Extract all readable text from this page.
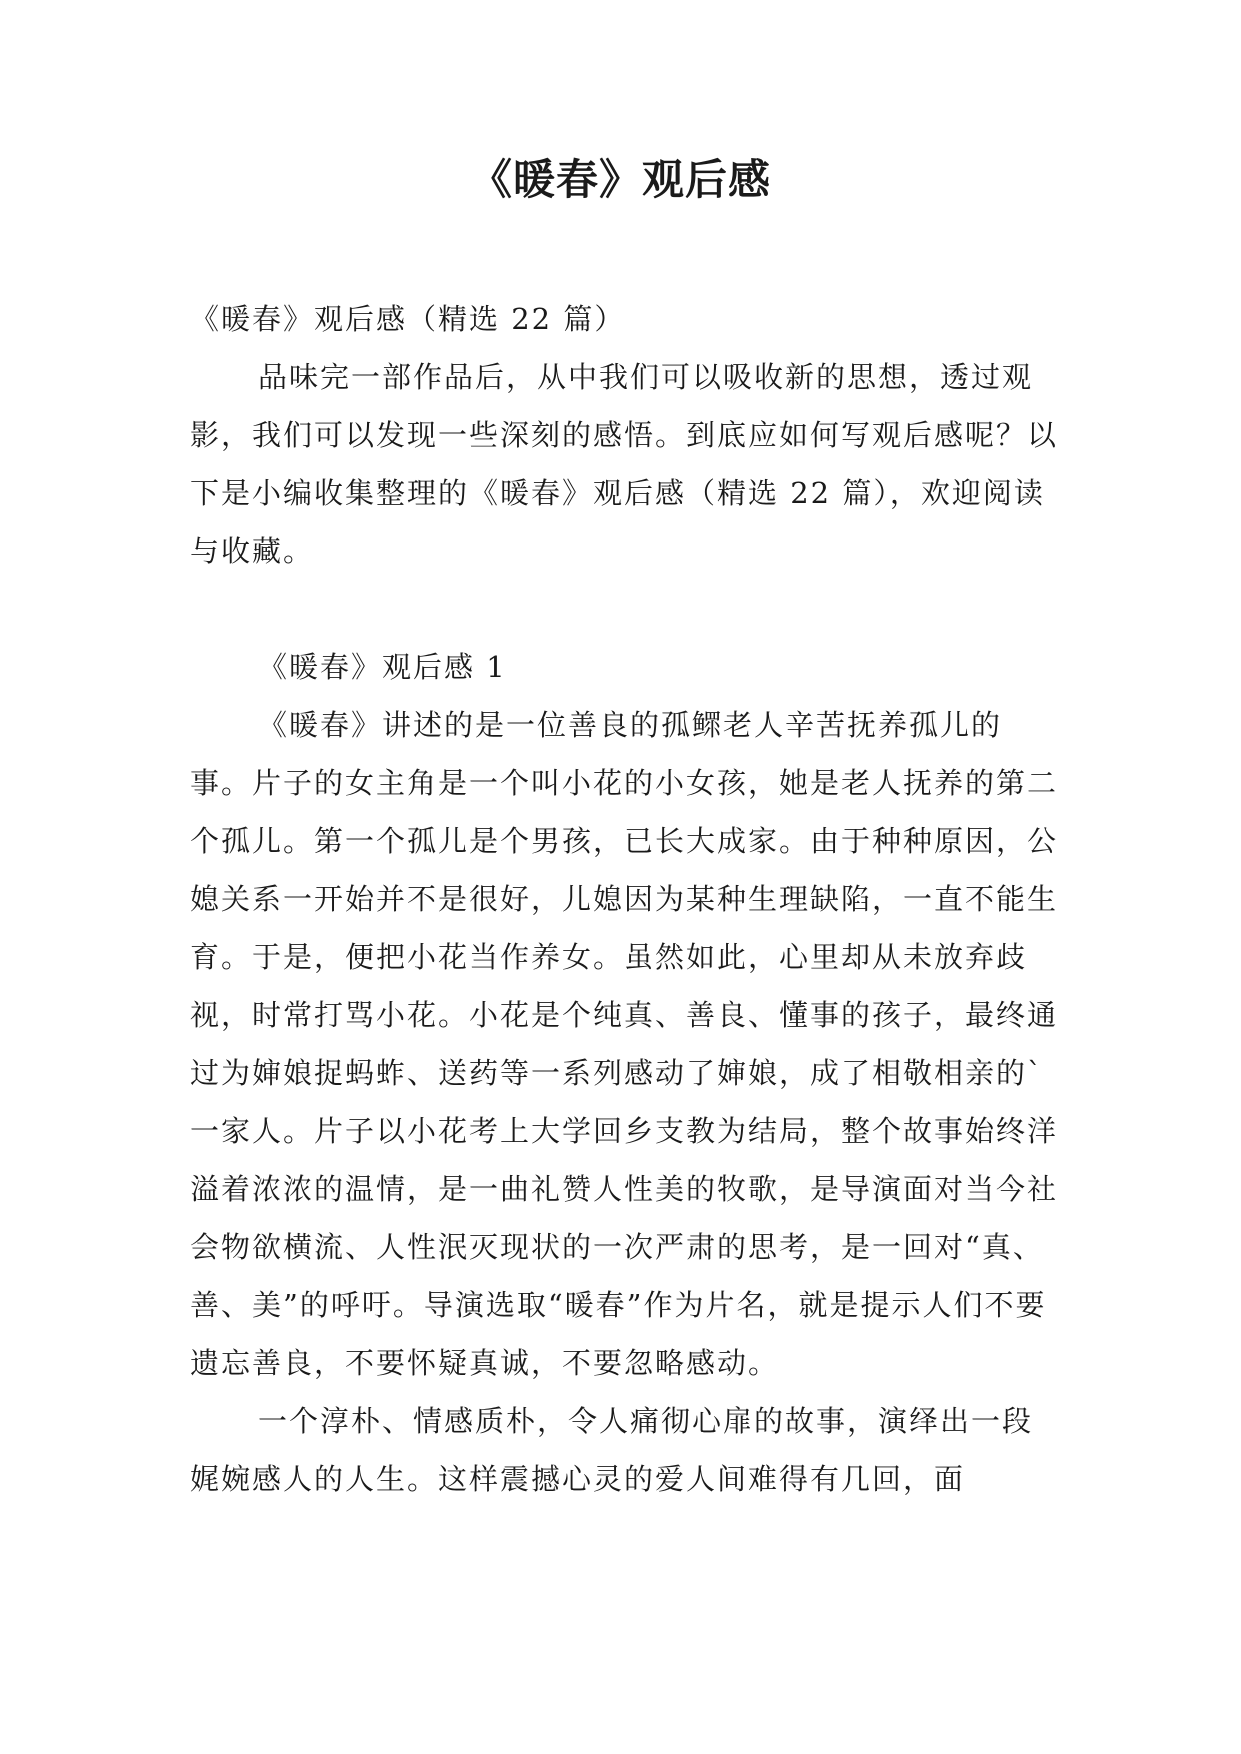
《暖春》观后感

《暖春》观后感（精选 22 篇）

品味完一部作品后，从中我们可以吸收新的思想，透过观影，我们可以发现一些深刻的感悟。到底应如何写观后感呢？以下是小编收集整理的《暖春》观后感（精选 22 篇），欢迎阅读与收藏。

《暖春》观后感 1

《暖春》讲述的是一位善良的孤鳏老人辛苦抚养孤儿的事。片子的女主角是一个叫小花的小女孩，她是老人抚养的第二个孤儿。第一个孤儿是个男孩，已长大成家。由于种种原因，公媳关系一开始并不是很好，儿媳因为某种生理缺陷，一直不能生育。于是，便把小花当作养女。虽然如此，心里却从未放弃歧视，时常打骂小花。小花是个纯真、善良、懂事的孩子，最终通过为婶娘捉蚂蚱、送药等一系列感动了婶娘，成了相敬相亲的`一家人。片子以小花考上大学回乡支教为结局，整个故事始终洋溢着浓浓的温情，是一曲礼赞人性美的牧歌，是导演面对当今社会物欲横流、人性泯灭现状的一次严肃的思考，是一回对“真、善、美”的呼吁。导演选取“暖春”作为片名，就是提示人们不要遗忘善良，不要怀疑真诚，不要忽略感动。

一个淳朴、情感质朴，令人痛彻心扉的故事，演绎出一段娓婉感人的人生。这样震撼心灵的爱人间难得有几回，面
